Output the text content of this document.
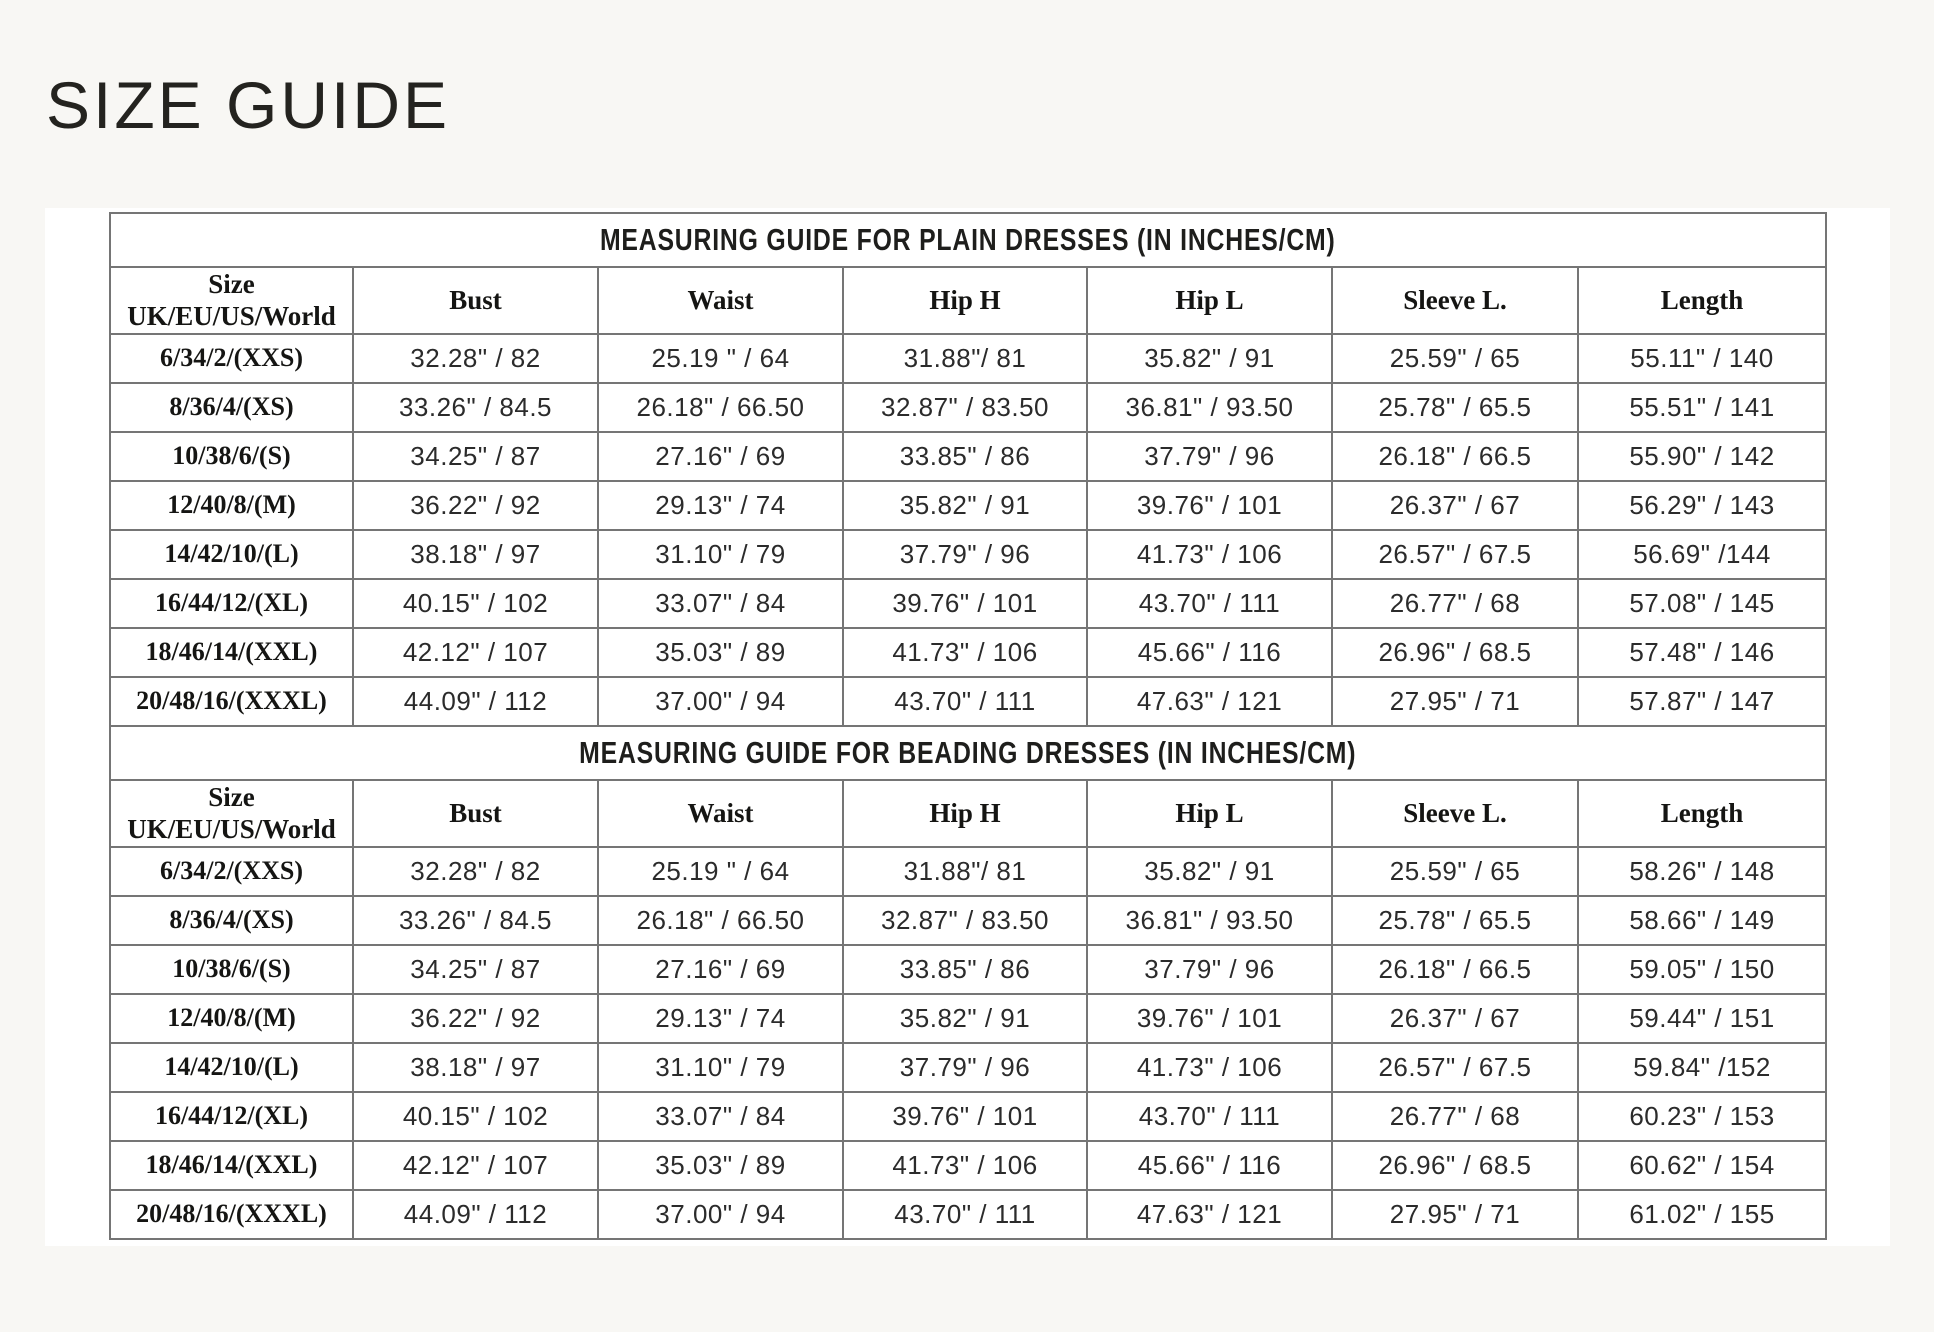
SIZE GUIDE
MEASURING GUIDE FOR PLAIN DRESSES (IN INCHES/CM)						
Size
UK/EU/US/World	Bust	Waist	Hip H	Hip L	Sleeve L.	Length
6/34/2/(XXS)	32.28" / 82	25.19 " / 64	31.88"/ 81	35.82" / 91	25.59" / 65	55.11" / 140
8/36/4/(XS)	33.26" / 84.5	26.18" / 66.50	32.87" / 83.50	36.81" / 93.50	25.78" / 65.5	55.51" / 141
10/38/6/(S)	34.25" / 87	27.16" / 69	33.85" / 86	37.79" / 96	26.18" / 66.5	55.90" / 142
12/40/8/(M)	36.22" / 92	29.13" / 74	35.82" / 91	39.76" / 101	26.37" / 67	56.29" / 143
14/42/10/(L)	38.18" / 97	31.10" / 79	37.79" / 96	41.73" / 106	26.57" / 67.5	56.69" /144
16/44/12/(XL)	40.15" / 102	33.07" / 84	39.76" / 101	43.70" / 111	26.77" / 68	57.08" / 145
18/46/14/(XXL)	42.12" / 107	35.03" / 89	41.73" / 106	45.66" / 116	26.96" / 68.5	57.48" / 146
20/48/16/(XXXL)	44.09" / 112	37.00" / 94	43.70" / 111	47.63" / 121	27.95" / 71	57.87" / 147
MEASURING GUIDE FOR BEADING DRESSES (IN INCHES/CM)						
Size
UK/EU/US/World	Bust	Waist	Hip H	Hip L	Sleeve L.	Length
6/34/2/(XXS)	32.28" / 82	25.19 " / 64	31.88"/ 81	35.82" / 91	25.59" / 65	58.26" / 148
8/36/4/(XS)	33.26" / 84.5	26.18" / 66.50	32.87" / 83.50	36.81" / 93.50	25.78" / 65.5	58.66" / 149
10/38/6/(S)	34.25" / 87	27.16" / 69	33.85" / 86	37.79" / 96	26.18" / 66.5	59.05" / 150
12/40/8/(M)	36.22" / 92	29.13" / 74	35.82" / 91	39.76" / 101	26.37" / 67	59.44" / 151
14/42/10/(L)	38.18" / 97	31.10" / 79	37.79" / 96	41.73" / 106	26.57" / 67.5	59.84" /152
16/44/12/(XL)	40.15" / 102	33.07" / 84	39.76" / 101	43.70" / 111	26.77" / 68	60.23" / 153
18/46/14/(XXL)	42.12" / 107	35.03" / 89	41.73" / 106	45.66" / 116	26.96" / 68.5	60.62" / 154
20/48/16/(XXXL)	44.09" / 112	37.00" / 94	43.70" / 111	47.63" / 121	27.95" / 71	61.02" / 155
